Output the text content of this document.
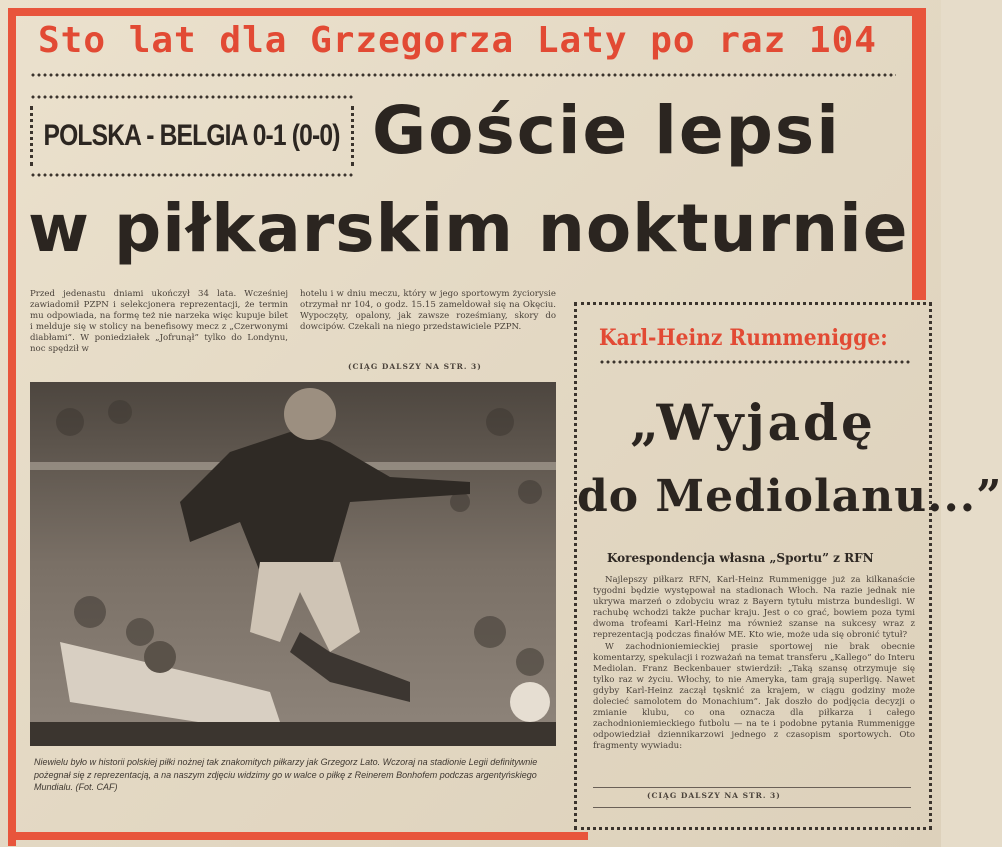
Sto lat dla Grzegorza Laty po raz 104
POLSKA - BELGIA 0-1 (0-0) Goście lepsi
w piłkarskim nokturnie
Przed jedenastu dniami ukończył 34 lata. Wcześniej zawiadomił PZPN i selekcjonera reprezentacji, że termin mu odpowiada, na formę też nie narzeka więc kupuje bilet i melduje się w stolicy na benefisowy mecz z „Czerwonymi diabłami”. W poniedziałek „Jofrunął” tylko do Londynu, noc spędził w
hotelu i w dniu meczu, który w jego sportowym życiorysie otrzymał nr 104, o godz. 15.15 zameldował się na Okęciu. Wypoczęty, opalony, jak zawsze roześmiany, skory do dowcipów. Czekali na niego przedstawiciele PZPN.
(CIĄG DALSZY NA STR. 3)
Niewielu było w historii polskiej piłki nożnej tak znakomitych piłkarzy jak Grzegorz Lato. Wczoraj na stadionie Legii definitywnie pożegnał się z reprezentacją, a na naszym zdjęciu widzimy go w walce o piłkę z Reinerem Bonhofem podczas argentyńskiego Mundialu. (Fot. CAF)
Karl-Heinz Rummenigge:
„Wyjadę
do Mediolanu...”
Korespondencja własna „Sportu” z RFN

Najlepszy piłkarz RFN, Karl-Heinz Rummenigge już za kilkanaście tygodni będzie występował na stadionach Włoch. Na razie jednak nie ukrywa marzeń o zdobyciu wraz z Bayern tytułu mistrza bundesligi. W rachubę wchodzi także puchar kraju. Jest o co grać, bowiem poza tymi dwoma trofeami Karl-Heinz ma również szanse na sukcesy wraz z reprezentacją podczas finałów ME. Kto wie, może uda się obronić tytuł?

W zachodnioniemieckiej prasie sportowej nie brak obecnie komentarzy, spekulacji i rozważań na temat transferu „Kallego” do Interu Mediolan. Franz Beckenbauer stwierdził: „Taką szansę otrzymuje się tylko raz w życiu. Włochy, to nie Ameryka, tam grają superligę. Nawet gdyby Karl-Heinz zaczął tęsknić za krajem, w ciągu godziny może dolecieć samolotem do Monachium”. Jak doszło do podjęcia decyzji o zmianie klubu, co ona oznacza dla piłkarza i całego zachodnioniemieckiego futbolu — na te i podobne pytania Rummenigge odpowiedział dziennikarzowi jednego z czasopism sportowych. Oto fragmenty wywiadu:

(CIĄG DALSZY NA STR. 3)
